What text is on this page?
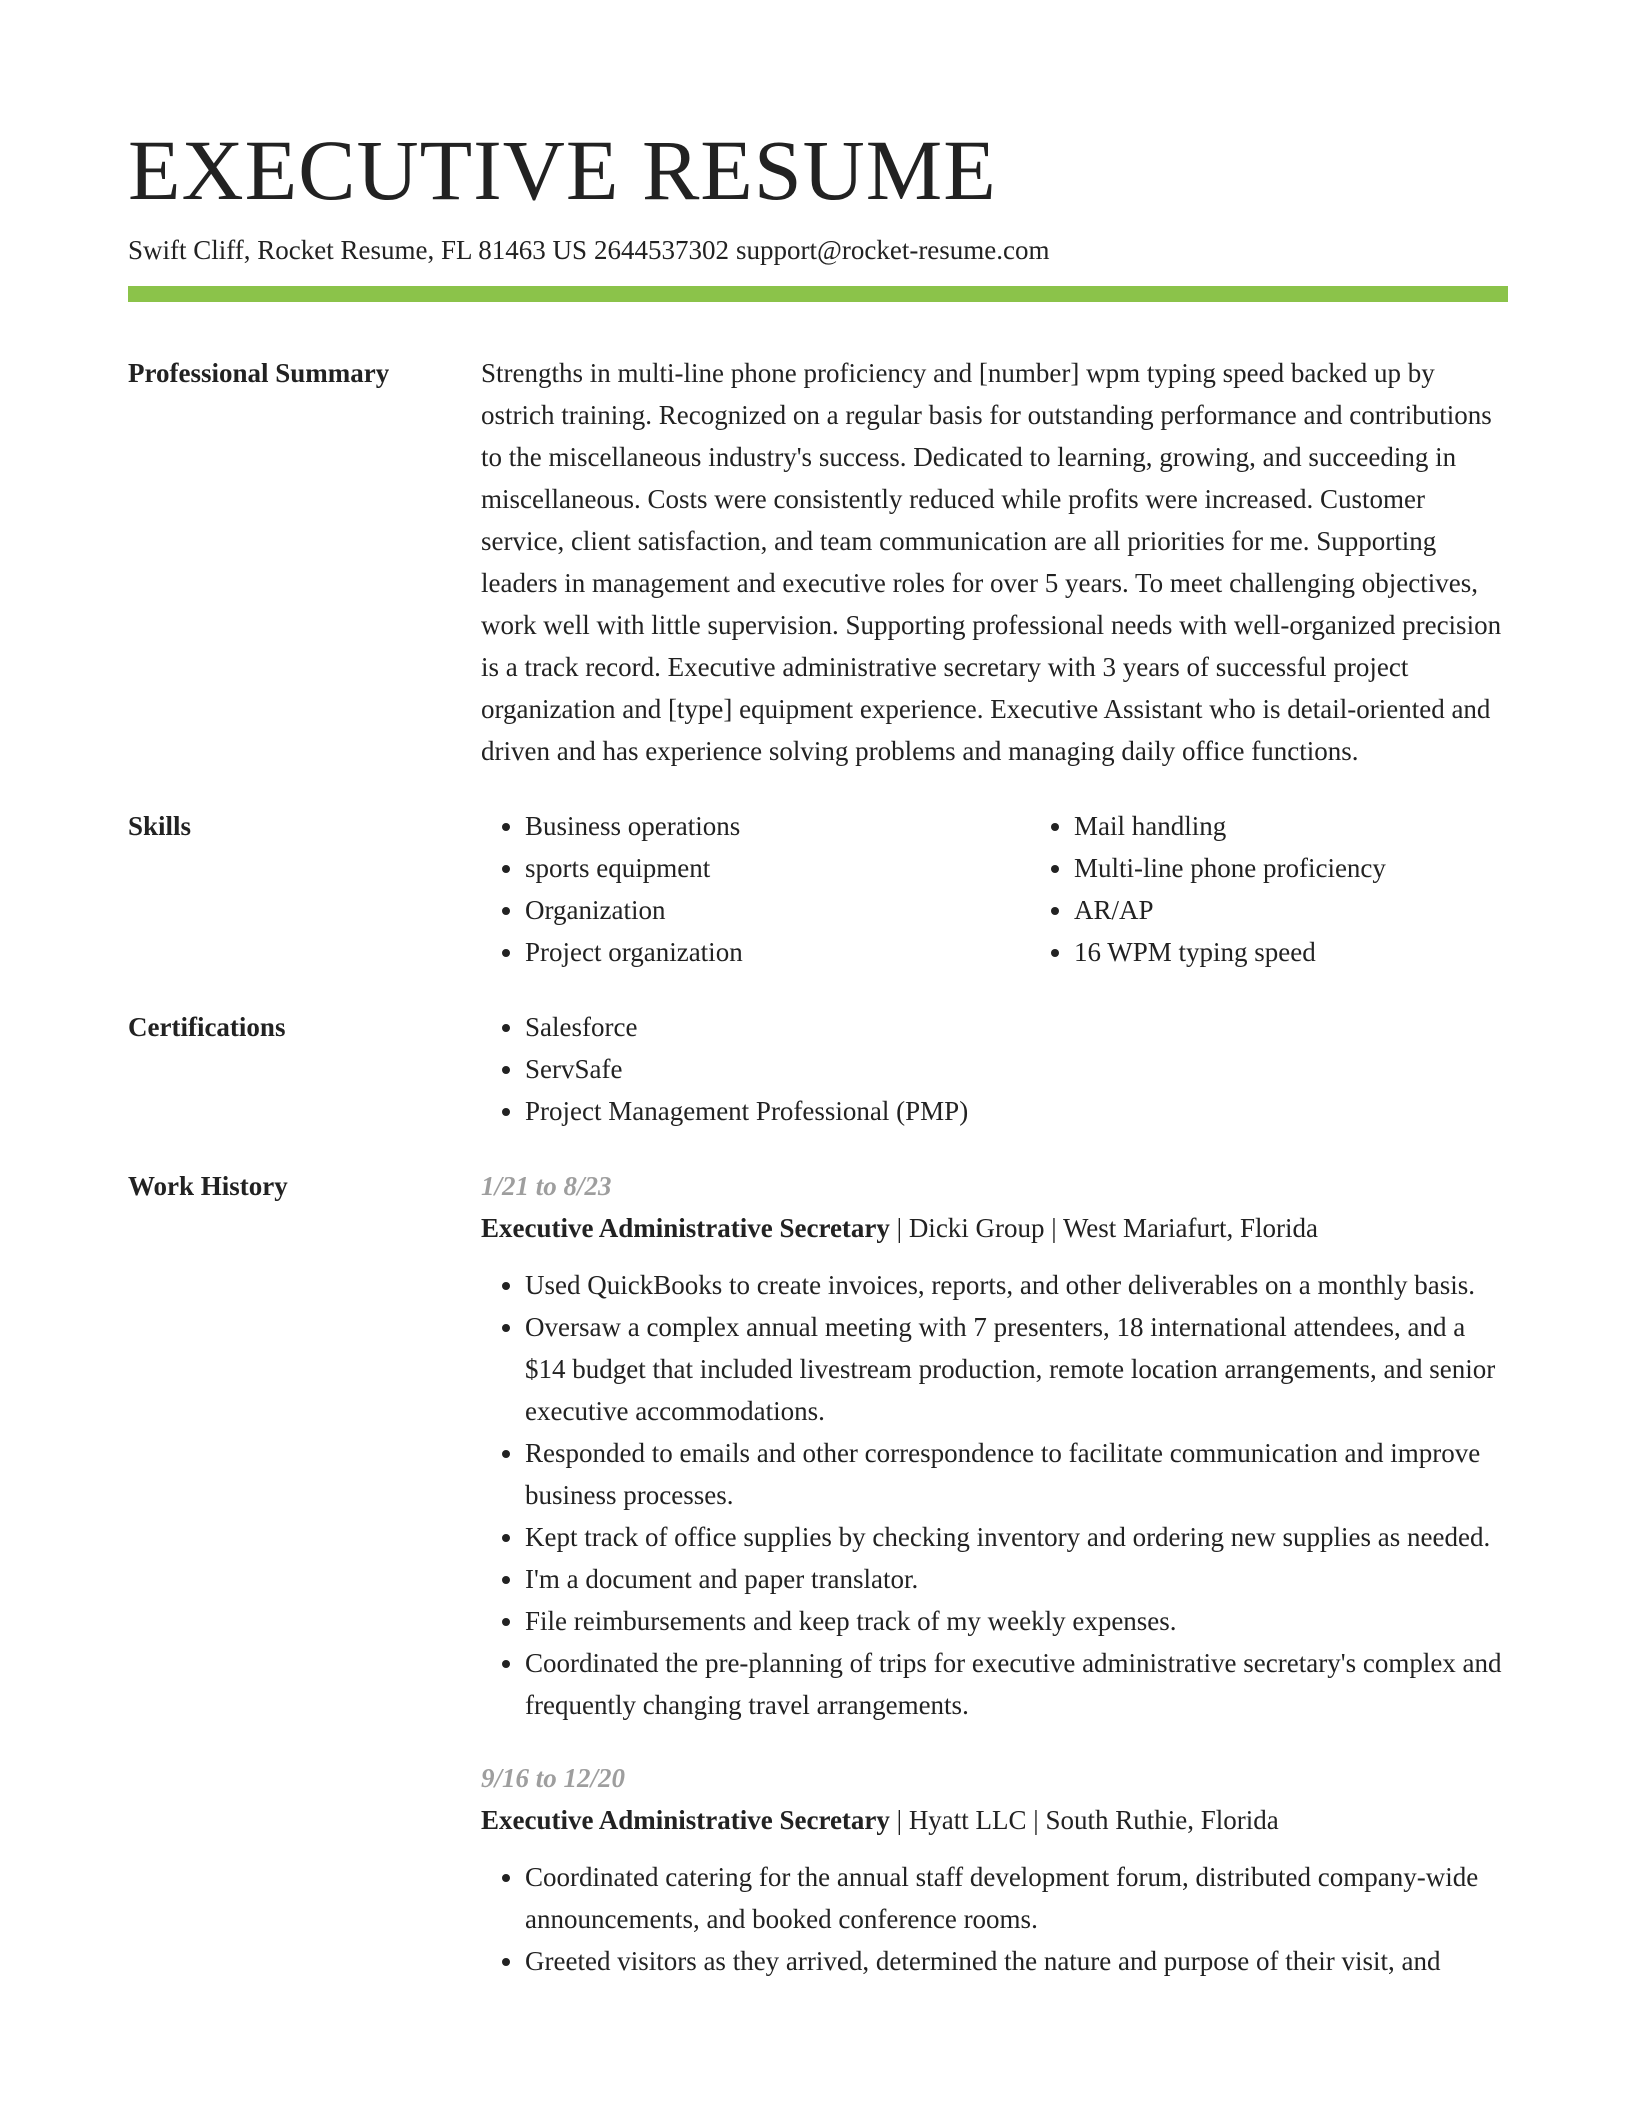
EXECUTIVE RESUME
Swift Cliff, Rocket Resume, FL 81463 US 2644537302 support@rocket-resume.com
Professional Summary	Strengths in multi-line phone proficiency and [number] wpm typing speed backed up by ostrich training. Recognized on a regular basis for outstanding performance and contributions to the miscellaneous industry's success. Dedicated to learning, growing, and succeeding in miscellaneous. Costs were consistently reduced while profits were increased. Customer service, client satisfaction, and team communication are all priorities for me. Supporting leaders in management and executive roles for over 5 years. To meet challenging objectives, work well with little supervision. Supporting professional needs with well-organized precision is a track record. Executive administrative secretary with 3 years of successful project organization and [type] equipment experience. Executive Assistant who is detail-oriented and driven and has experience solving problems and managing daily office functions.
Skills	• Business operations
• sports equipment
• Organization
• Project organization
• Mail handling
• Multi-line phone proficiency
• AR/AP
• 16 WPM typing speed
Certifications	• Salesforce
• ServSafe
• Project Management Professional (PMP)
Work History	1/21 to 8/23
Executive Administrative Secretary | Dicki Group | West Mariafurt, Florida
• Used QuickBooks to create invoices, reports, and other deliverables on a monthly basis.
• Oversaw a complex annual meeting with 7 presenters, 18 international attendees, and a $14 budget that included livestream production, remote location arrangements, and senior executive accommodations.
• Responded to emails and other correspondence to facilitate communication and improve business processes.
• Kept track of office supplies by checking inventory and ordering new supplies as needed.
• I'm a document and paper translator.
• File reimbursements and keep track of my weekly expenses.
• Coordinated the pre-planning of trips for executive administrative secretary's complex and frequently changing travel arrangements.
9/16 to 12/20
Executive Administrative Secretary | Hyatt LLC | South Ruthie, Florida
• Coordinated catering for the annual staff development forum, distributed company-wide announcements, and booked conference rooms.
• Greeted visitors as they arrived, determined the nature and purpose of their visit, and
